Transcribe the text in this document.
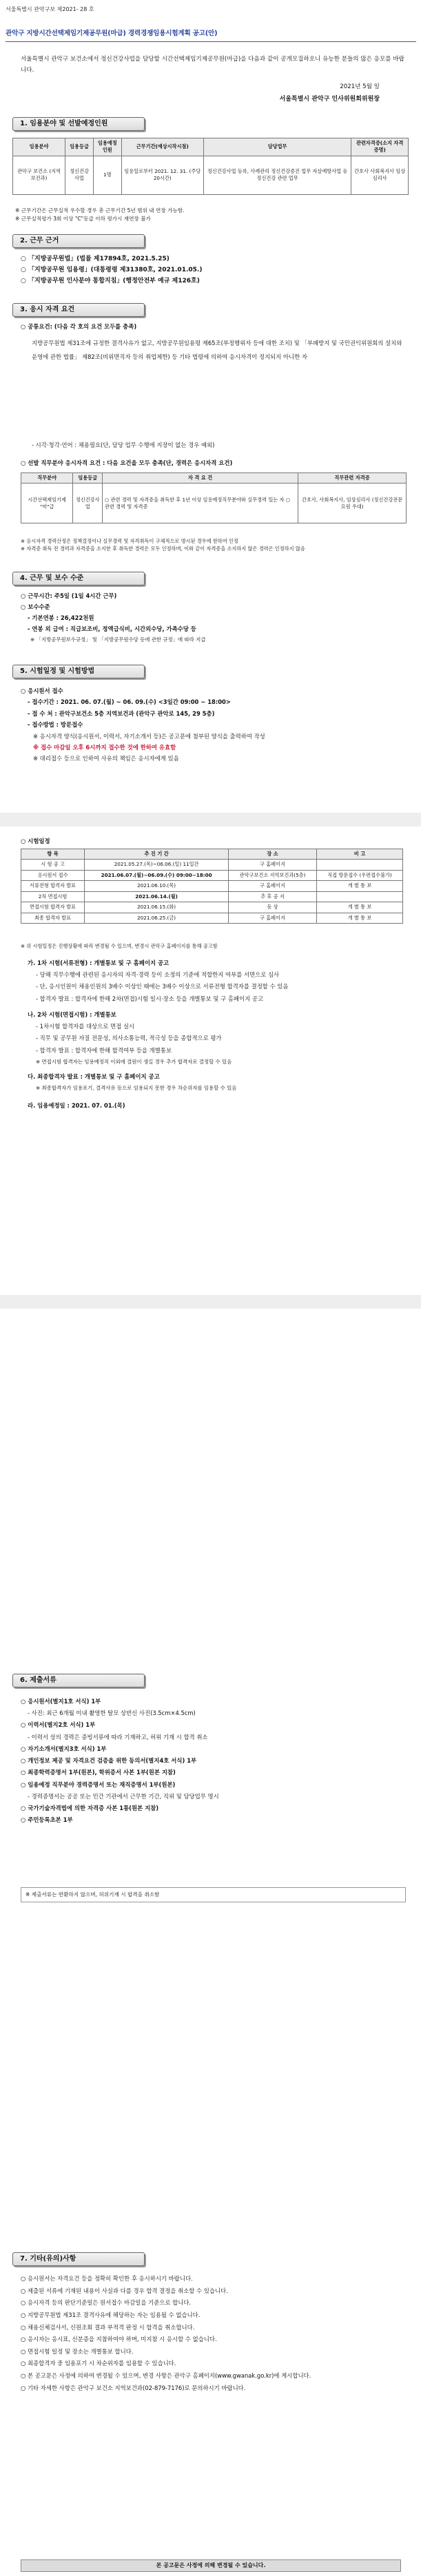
서울특별시 관악구보 제2021- 28 호
관악구 지방시간선택제임기제공무원(마급) 경력경쟁임용시험계획 공고(안)
서울특별시 관악구 보건소에서 정신건강사업을 담당할 시간선택제임기제공무원(마급)을 다음과 같이 공개모집하오니 유능한 분들의 많은 응모를 바랍니다.
2021년 5월 일
서울특별시 관악구 인사위원회위원장
1. 임용분야 및 선발예정인원
임용분야	임용등급	임용예정인원	근무기간(예상시작시점)	담당업무	관련자격증(소지 자격 증명)
관악구 보건소 (지역보건과)	정신건강사업	1명	임용일로부터 2021. 12. 31. (주당 20시간)	정신건강사업 등록, 사례관리 정신건강증진 업무 자살예방사업 등 정신건강 관련 업무	간호사 사회복지사 임상심리사
※ 근무기간은 근무실적 우수할 경우 총 근무기간 5년 범위 내 연장 가능함.
※ 근무실적평가 3회 이상 "C"등급 이하 평가시 재연장 불가
2. 근무 근거
○ 「지방공무원법」(법률 제17894호, 2021.5.25)
○ 「지방공무원 임용령」(대통령령 제31380호, 2021.01.05.)
○ 「지방공무원 인사분야 통합지침」(행정안전부 예규 제126호)
3. 응시 자격 요건
○ 공통요건: (다음 각 호의 요건 모두를 충족)
지방공무원법 제31조에 규정한 결격사유가 없고, 지방공무원임용령 제65조(부정행위자 등에 대한 조치) 및 「부패방지 및 국민권익위원회의 설치와 운영에 관한 법률」 제82조(비위면직자 등의 취업제한) 등 기타 법령에 의하여 응시자격이 정지되지 아니한 자
- 시각·청각·언어 : 채용필요(단, 담당 업무 수행에 지장이 없는 경우 예외)
○ 선발 직무분야 응시자격 요건 : 다음 요건을 모두 충족(단, 경력은 응시자격 요건)
직무분야	임용등급	자 격 요 건	직무관련 자격증
시간선택제임기제 "마"급	정신건강사업	○ 관련 경력 및 자격증을 취득한 후 1년 이상 임용예정직무분야와 실무경력 있는 자 ○ 관련 경력 및 자격증	간호사, 사회복지사, 임상심리사 (정신건강전문요원 우대)
※ 응시자격 경력산정은 정책결정이나 실무경력 및 자격취득이 구체적으로 명시된 경우에 한하여 인정
※ 자격증 취득 전 경력과 자격증을 소지한 후 취득한 경력은 모두 인정하며, 이와 같이 자격증을 소지하지 않은 경력은 인정하지 않음
4. 근무 및 보수 수준
○ 근무시간: 주5일 (1일 4시간 근무)
○ 보수수준
- 기본연봉 : 26,422천원
- 연봉 외 급여 : 직급보조비, 정액급식비, 시간외수당, 가족수당 등
※ 「지방공무원보수규정」 및 「지방공무원수당 등에 관한 규정」에 따라 지급
5. 시험일정 및 시험방법
○ 응시원서 접수
- 접수기간 : 2021. 06. 07.(월) ~ 06. 09.(수) <3일간 09:00 ~ 18:00>
- 접 수 처 : 관악구보건소 5층 지역보건과 (관악구 관악로 145, 29 5층)
- 접수방법 : 방문접수
※ 응시자격 양식(응시원서, 이력서, 자기소개서 등)은 공고문에 첨부된 양식을 출력하여 작성
※ 접수 마감일 오후 6시까지 접수한 것에 한하여 유효함
※ 대리접수 등으로 인하여 사유의 책임은 응시자에게 있음
○ 시험일정
항 목	추 진 기 간	장 소	비 고
시 험 공 고	2021.05.27.(목)~06.06.(일) 11일간	구 홈페이지	
응시원서 접수	2021.06.07.(월)~06.09.(수) 09:00~18:00	관악구보건소 지역보건과(5층)	직접 방문접수 (우편접수불가)
서류전형 합격자 발표	2021.06.10.(목)	구 홈페이지	개 별 통 보
2차 면접시험	2021.06.14.(월)	추 후 공 지	
면접시험 합격자 발표	2021.06.15.(화)	동 상	개 별 통 보
최종 합격자 발표	2021.06.25.(금)	구 홈페이지	개 별 통 보
※ 위 시험일정은 진행상황에 따라 변경될 수 있으며, 변경시 관악구 홈페이지를 통해 공고함
가. 1차 시험(서류전형) : 개별통보 및 구 홈페이지 공고
- 당해 직무수행에 관련된 응시자의 자격·경력 등이 소정의 기준에 적합한지 여부를 서면으로 심사
- 단, 응시인원이 채용인원의 3배수 이상인 때에는 3배수 이상으로 서류전형 합격자를 결정할 수 있음
- 합격자 발표 : 합격자에 한해 2차(면접)시험 일시·장소 등을 개별통보 및 구 홈페이지 공고
나. 2차 시험(면접시험) : 개별통보
- 1차시험 합격자를 대상으로 면접 실시
- 직무 및 공무원 자질 전문성, 의사소통능력, 적극성 등을 종합적으로 평가
- 합격자 발표 : 합격자에 한해 합격여부 등을 개별통보
※ 면접시험 합격자는 임용예정직 이외에 결원이 생길 경우 추가 합격자로 결정할 수 있음
다. 최종합격자 발표 : 개별통보 및 구 홈페이지 공고
※ 최종합격자가 임용포기, 결격사유 등으로 임용되지 못한 경우 차순위자를 임용할 수 있음
라. 임용예정일 : 2021. 07. 01.(목)
6. 제출서류
○ 응시원서(별지1호 서식) 1부
- 사진: 최근 6개월 이내 촬영한 탈모 상반신 사진(3.5cm×4.5cm)
○ 이력서(별지2호 서식) 1부
- 이력서 상의 경력은 증빙서류에 따라 기재하고, 허위 기재 시 합격 취소
○ 자기소개서(별지3호 서식) 1부
○ 개인정보 제공 및 자격요건 검증을 위한 동의서(별지4호 서식) 1부
○ 최종학력증명서 1부(원본), 학위증서 사본 1부(원본 지참)
○ 임용예정 직무분야 경력증명서 또는 재직증명서 1부(원본)
- 경력증명서는 공공 또는 민간 기관에서 근무한 기간, 직위 및 담당업무 명시
○ 국가기술자격법에 의한 자격증 사본 1통(원본 지참)
○ 주민등록초본 1부
※ 제출서류는 반환하지 않으며, 허위기재 시 합격을 취소함
7. 기타(유의)사항
○ 응시원서는 자격요건 등을 정확히 확인한 후 응시하시기 바랍니다.
○ 제출된 서류에 기재된 내용이 사실과 다를 경우 합격 결정을 취소할 수 있습니다.
○ 응시자격 등의 판단기준일은 원서접수 마감일을 기준으로 합니다.
○ 지방공무원법 제31조 결격사유에 해당하는 자는 임용될 수 없습니다.
○ 채용신체검사서, 신원조회 결과 부적격 판정 시 합격을 취소합니다.
○ 응시자는 응시표, 신분증을 지참하여야 하며, 미지참 시 응시할 수 없습니다.
○ 면접시험 일정 및 장소는 개별통보 합니다.
○ 최종합격자 중 임용포기 시 차순위자를 임용할 수 있습니다.
○ 본 공고문은 사정에 의하여 변경될 수 있으며, 변경 사항은 관악구 홈페이지(www.gwanak.go.kr)에 게시합니다.
○ 기타 자세한 사항은 관악구 보건소 지역보건과(02-879-7176)로 문의하시기 바랍니다.
본 공고문은 사정에 의해 변경될 수 있습니다.
